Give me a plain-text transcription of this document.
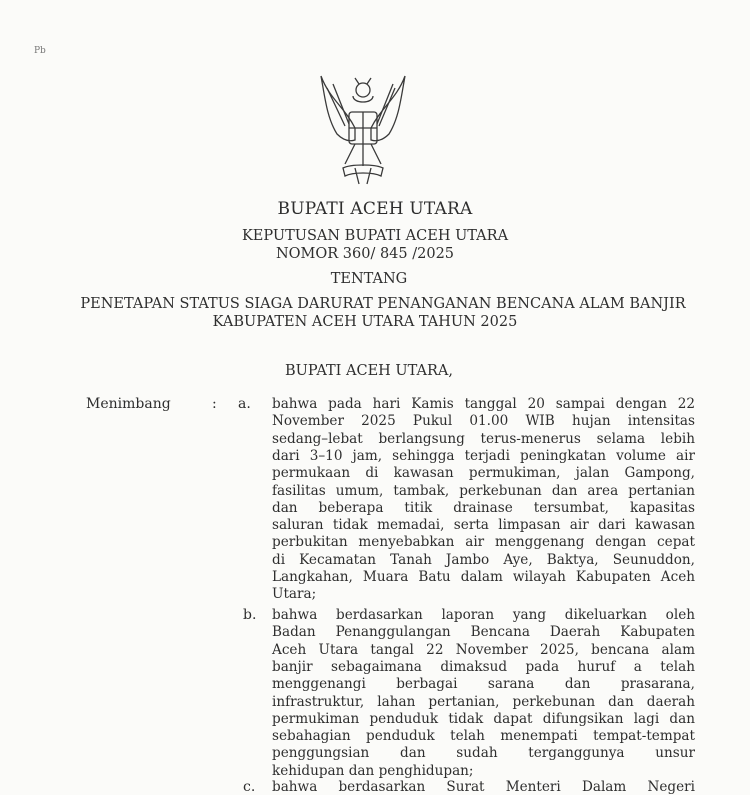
Pb
BUPATI ACEH UTARA
KEPUTUSAN BUPATI ACEH UTARA
NOMOR 360/ 845 /2025
TENTANG
PENETAPAN STATUS SIAGA DARURAT PENANGANAN BENCANA ALAM BANJIR
KABUPATEN ACEH UTARA TAHUN 2025
BUPATI ACEH UTARA,
Menimbang	: a. bahwa pada hari Kamis tanggal 20 sampai dengan 22
November 2025 Pukul 01.00 WIB hujan intensitas
sedang–lebat berlangsung terus-menerus selama lebih
dari 3–10 jam, sehingga terjadi peningkatan volume air
permukaan di kawasan permukiman, jalan Gampong,
fasilitas umum, tambak, perkebunan dan area pertanian
dan beberapa titik drainase tersumbat, kapasitas
saluran tidak memadai, serta limpasan air dari kawasan
perbukitan menyebabkan air menggenang dengan cepat
di Kecamatan Tanah Jambo Aye, Baktya, Seunuddon,
Langkahan, Muara Batu dalam wilayah Kabupaten Aceh
Utara;
b. bahwa berdasarkan laporan yang dikeluarkan oleh
Badan Penanggulangan Bencana Daerah Kabupaten
Aceh Utara tangal 22 November 2025, bencana alam
banjir sebagaimana dimaksud pada huruf a telah
menggenangi berbagai sarana dan prasarana,
infrastruktur, lahan pertanian, perkebunan dan daerah
permukiman penduduk tidak dapat difungsikan lagi dan
sebahagian penduduk telah menempati tempat-tempat
penggungsian dan sudah terganggunya unsur
kehidupan dan penghidupan;
c. bahwa berdasarkan Surat Menteri Dalam Negeri
